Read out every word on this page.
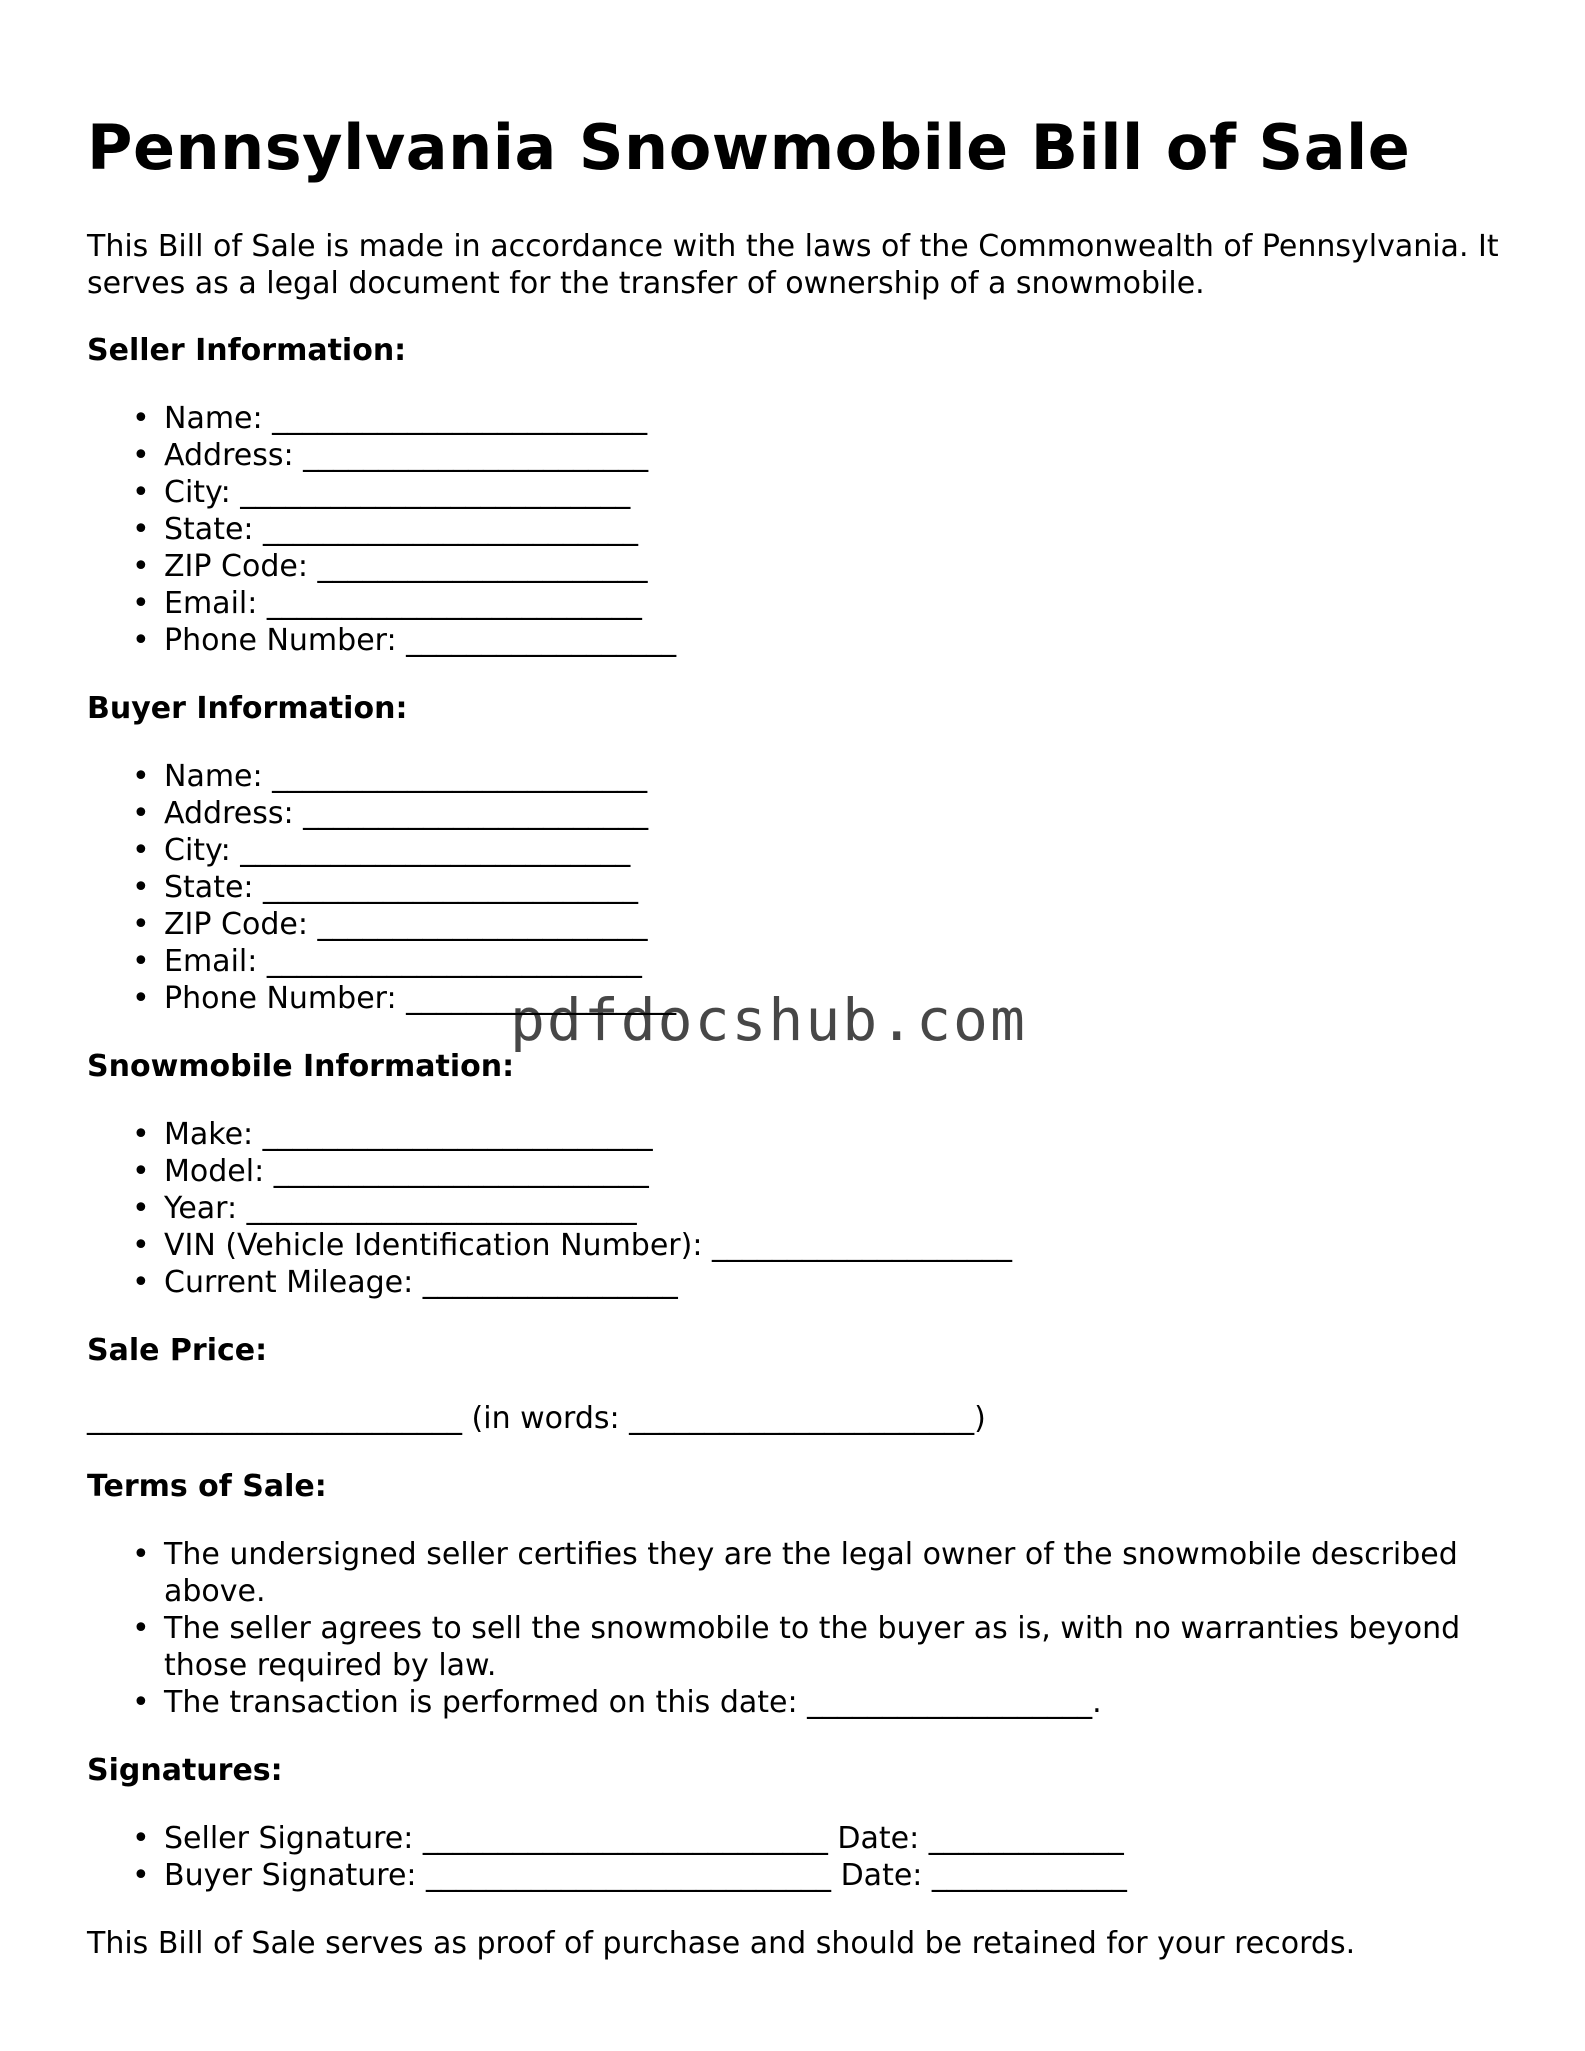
Pennsylvania Snowmobile Bill of Sale

This Bill of Sale is made in accordance with the laws of the Commonwealth of Pennsylvania. It serves as a legal document for the transfer of ownership of a snowmobile.

Seller Information:
• Name: _________________________
• Address: _______________________
• City: __________________________
• State: _________________________
• ZIP Code: ______________________
• Email: _________________________
• Phone Number: __________________
Buyer Information:
• Name: _________________________
• Address: _______________________
• City: __________________________
• State: _________________________
• ZIP Code: ______________________
• Email: _________________________
• Phone Number: __________________
Snowmobile Information:
• Make: __________________________
• Model: _________________________
• Year: __________________________
• VIN (Vehicle Identification Number): ____________________
• Current Mileage: _________________
Sale Price:

_________________________ (in words: _______________________)

Terms of Sale:
• The undersigned seller certifies they are the legal owner of the snowmobile described above.
• The seller agrees to sell the snowmobile to the buyer as is, with no warranties beyond those required by law.
• The transaction is performed on this date: ___________________.
Signatures:
• Seller Signature: ___________________________ Date: _____________
• Buyer Signature: ___________________________ Date: _____________

This Bill of Sale serves as proof of purchase and should be retained for your records.

pdfdocshub.com
